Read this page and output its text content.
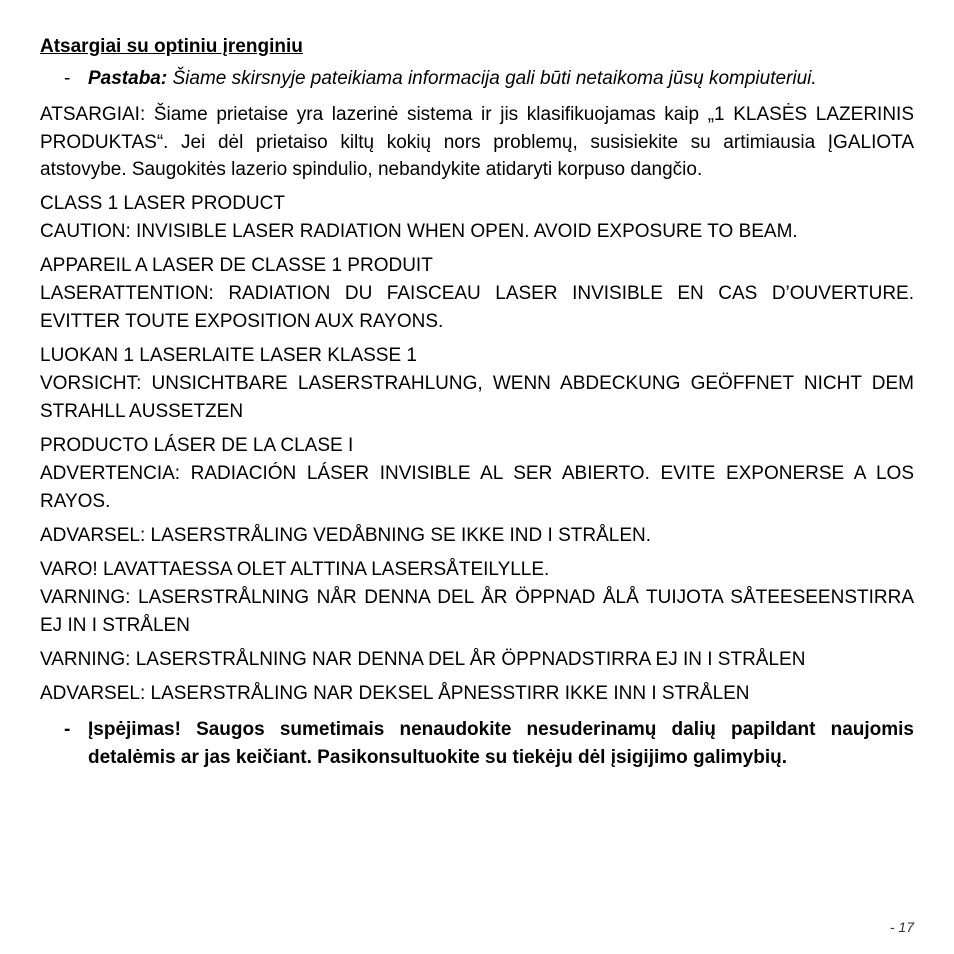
Atsargiai su optiniu įrenginiu
- Pastaba: Šiame skirsnyje pateikiama informacija gali būti netaikoma jūsų kompiuteriui.
ATSARGIAI: Šiame prietaise yra lazerinė sistema ir jis klasifikuojamas kaip „1 KLASĖS LAZERINIS PRODUKTAS“. Jei dėl prietaiso kiltų kokių nors problemų, susisiekite su artimiausia ĮGALIOTA atstovybe. Saugokitės lazerio spindulio, nebandykite atidaryti korpuso dangčio.
CLASS 1 LASER PRODUCT
CAUTION: INVISIBLE LASER RADIATION WHEN OPEN. AVOID EXPOSURE TO BEAM.
APPAREIL A LASER DE CLASSE 1 PRODUIT
LASERATTENTION: RADIATION DU FAISCEAU LASER INVISIBLE EN CAS D’OUVERTURE. EVITTER TOUTE EXPOSITION AUX RAYONS.
LUOKAN 1 LASERLAITE LASER KLASSE 1
VORSICHT: UNSICHTBARE LASERSTRAHLUNG, WENN ABDECKUNG GEÖFFNET NICHT DEM STRAHLL AUSSETZEN
PRODUCTO LÁSER DE LA CLASE I
ADVERTENCIA: RADIACIÓN LÁSER INVISIBLE AL SER ABIERTO. EVITE EXPONERSE A LOS RAYOS.
ADVARSEL: LASERSTRÅLING VEDÅBNING SE IKKE IND I STRÅLEN.
VARO! LAVATTAESSA OLET ALTTINA LASERSÅTEILYLLE.
VARNING: LASERSTRÅLNING NÅR DENNA DEL ÅR ÖPPNAD ÅLÅ TUIJOTA SÅTEESEENSTIRRA EJ IN I STRÅLEN
VARNING: LASERSTRÅLNING NAR DENNA DEL ÅR ÖPPNADSTIRRA EJ IN I STRÅLEN
ADVARSEL: LASERSTRÅLING NAR DEKSEL ÅPNESSTIRR IKKE INN I STRÅLEN
- Įspėjimas! Saugos sumetimais nenaudokite nesuderinamų dalių papildant naujomis detalėmis ar jas keičiant. Pasikonsultuokite su tiekėju dėl įsigijimo galimybių.
- 17
